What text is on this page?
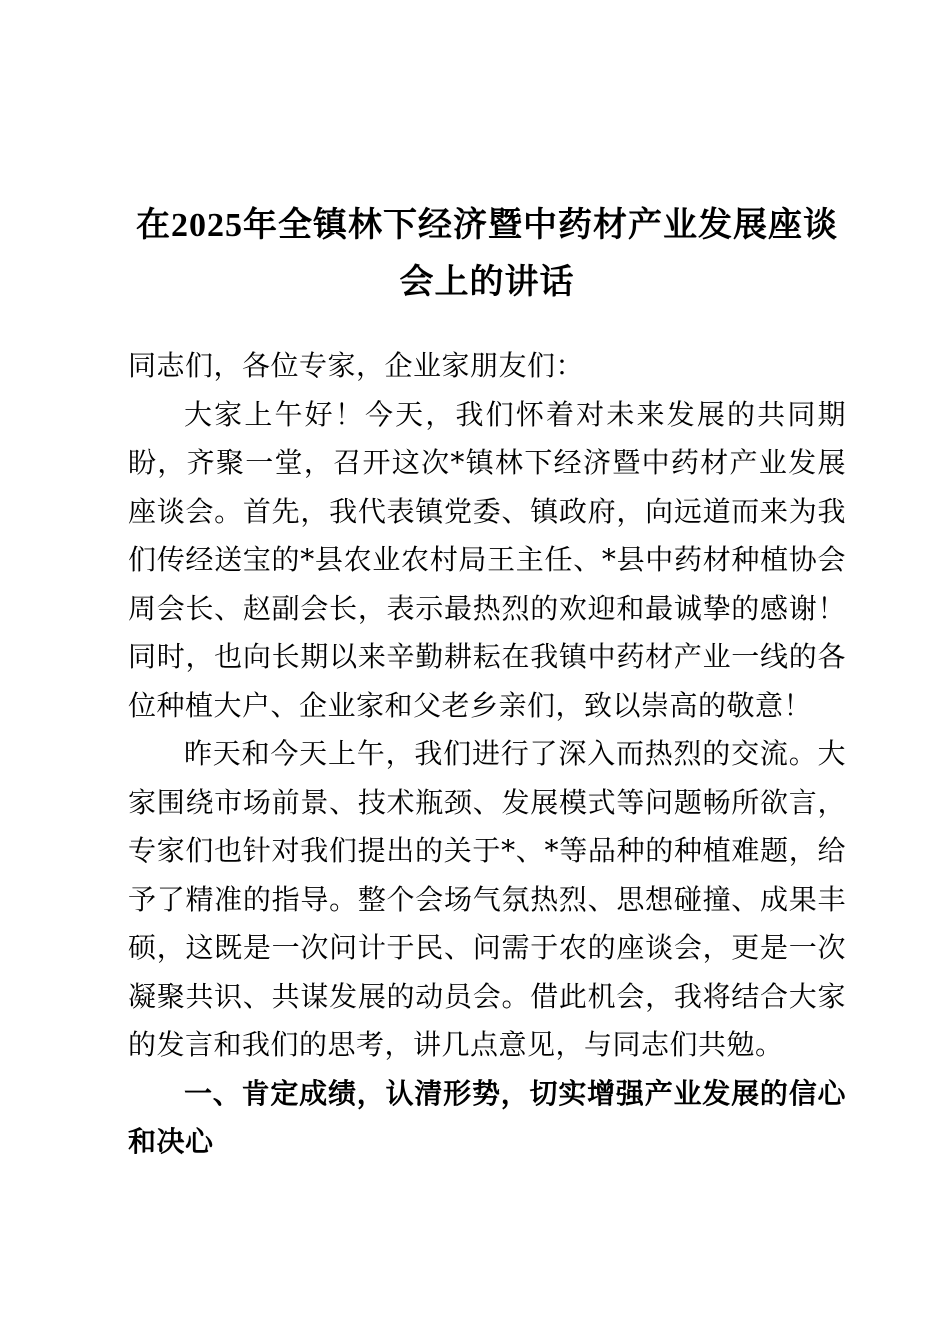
在2025年全镇林下经济暨中药材产业发展座谈会上的讲话

同志们，各位专家，企业家朋友们：

大家上午好！今天，我们怀着对未来发展的共同期盼，齐聚一堂，召开这次*镇林下经济暨中药材产业发展座谈会。首先，我代表镇党委、镇政府，向远道而来为我们传经送宝的*县农业农村局王主任、*县中药材种植协会周会长、赵副会长，表示最热烈的欢迎和最诚挚的感谢！同时，也向长期以来辛勤耕耘在我镇中药材产业一线的各位种植大户、企业家和父老乡亲们，致以崇高的敬意！

昨天和今天上午，我们进行了深入而热烈的交流。大家围绕市场前景、技术瓶颈、发展模式等问题畅所欲言，专家们也针对我们提出的关于*、*等品种的种植难题，给予了精准的指导。整个会场气氛热烈、思想碰撞、成果丰硕，这既是一次问计于民、问需于农的座谈会，更是一次凝聚共识、共谋发展的动员会。借此机会，我将结合大家的发言和我们的思考，讲几点意见，与同志们共勉。

一、肯定成绩，认清形势，切实增强产业发展的信心和决心
